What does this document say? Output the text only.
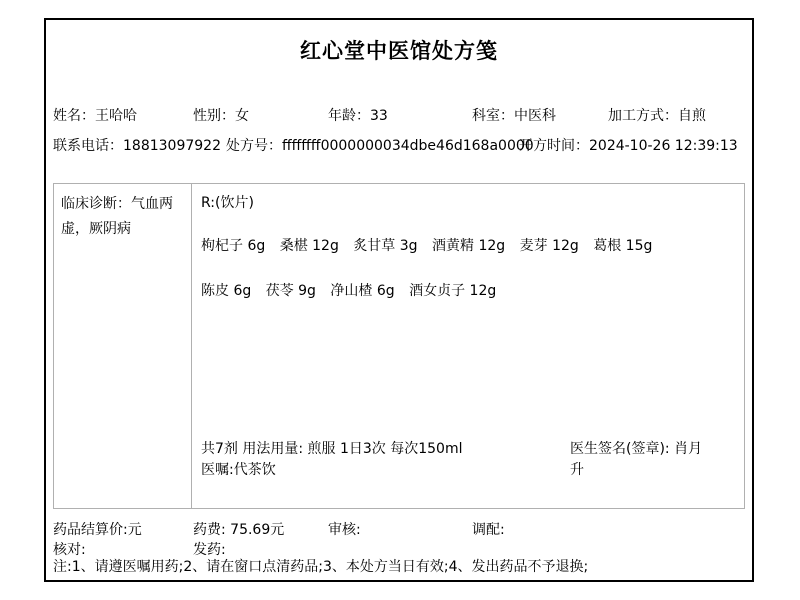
红心堂中医馆处方笺
姓名：王哈哈	性别：女	年龄：33	科室：中医科	加工方式：自煎
联系电话：18813097922 处方号：ffffffff0000000034dbe46d168a0000
开方时间：2024-10-26 12:39:13
临床诊断：气血两虚，厥阴病
R:(饮片)
枸杞子 6g 桑椹 12g 炙甘草 3g 酒黄精 12g 麦芽 12g 葛根 15g 陈皮 6g 茯苓 9g 净山楂 6g 酒女贞子 12g
共7剂 用法用量: 煎服 1日3次 每次150ml
医嘱:代茶饮
医生签名(签章): 肖月升
药品结算价:元	药费: 75.69元	审核:	调配:
核对:	发药:
注:1、请遵医嘱用药;2、请在窗口点清药品;3、本处方当日有效;4、发出药品不予退换;
